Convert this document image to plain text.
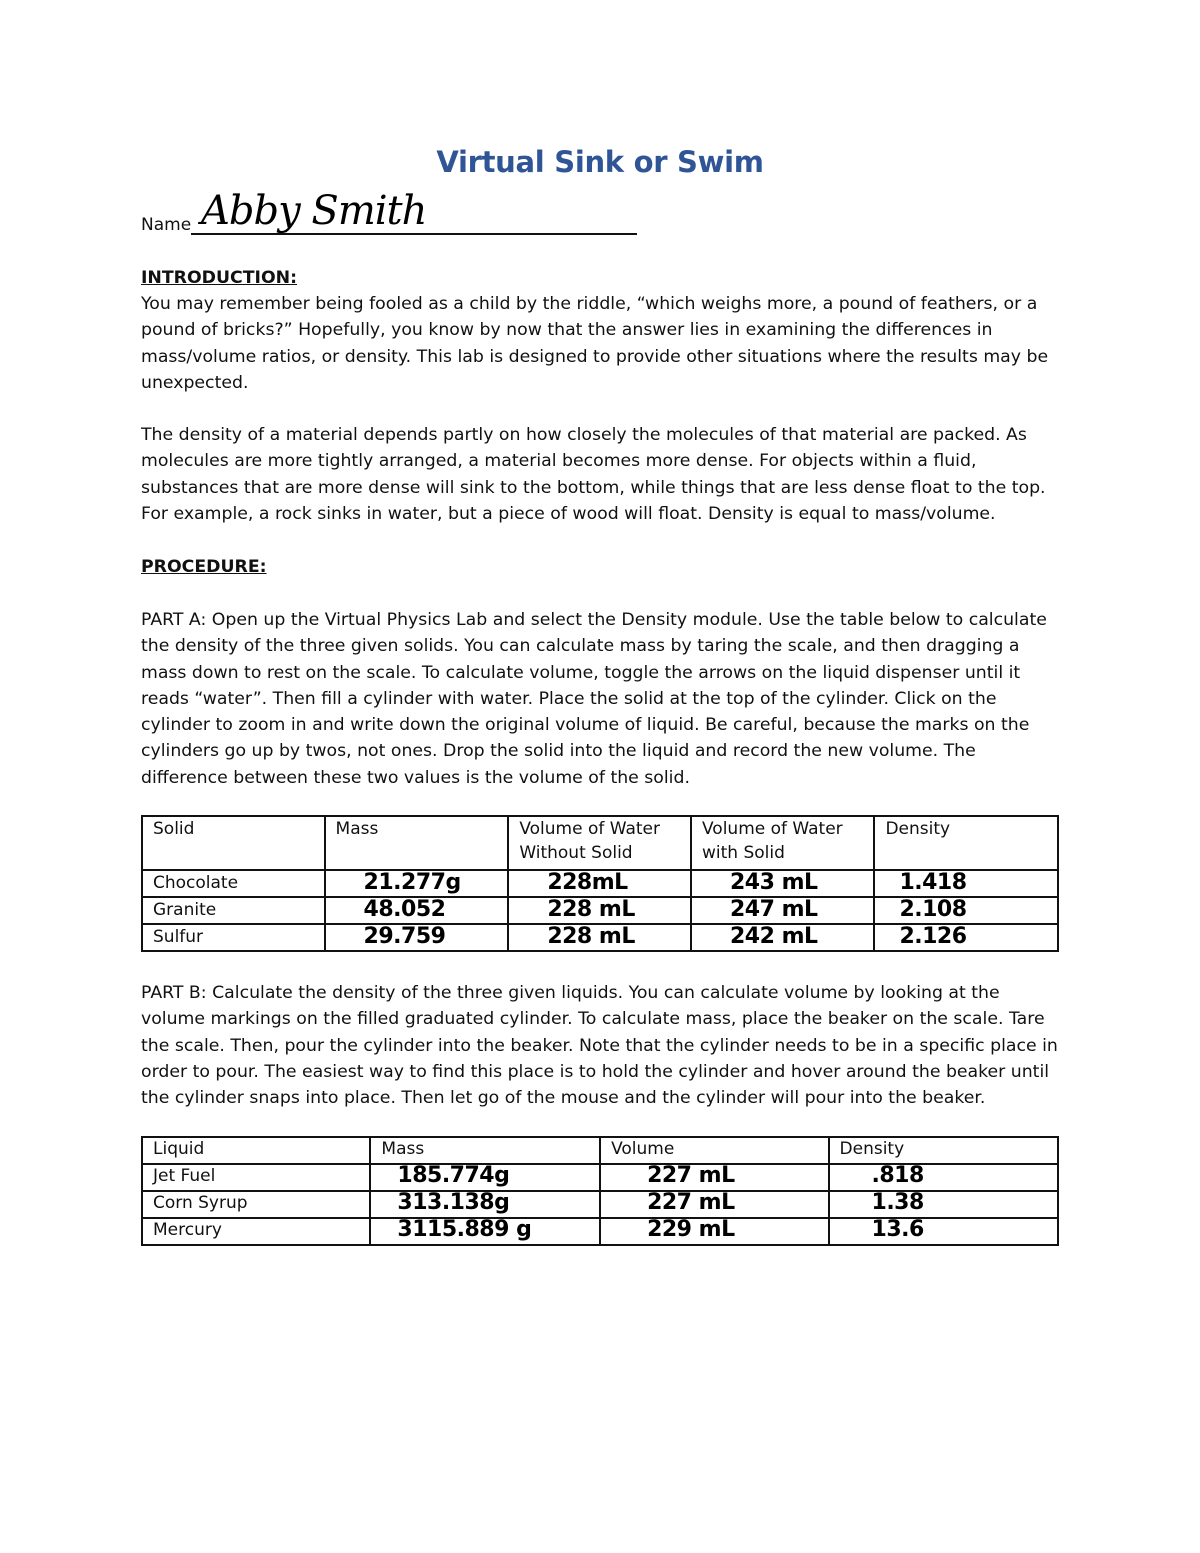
Virtual Sink or Swim
Name Abby Smith
INTRODUCTION:
You may remember being fooled as a child by the riddle, “which weighs more, a pound of feathers, or a pound of bricks?” Hopefully, you know by now that the answer lies in examining the differences in mass/volume ratios, or density. This lab is designed to provide other situations where the results may be unexpected.
The density of a material depends partly on how closely the molecules of that material are packed. As molecules are more tightly arranged, a material becomes more dense. For objects within a fluid, substances that are more dense will sink to the bottom, while things that are less dense float to the top. For example, a rock sinks in water, but a piece of wood will float. Density is equal to mass/volume.
PROCEDURE:
PART A: Open up the Virtual Physics Lab and select the Density module. Use the table below to calculate the density of the three given solids. You can calculate mass by taring the scale, and then dragging a mass down to rest on the scale. To calculate volume, toggle the arrows on the liquid dispenser until it reads “water”. Then fill a cylinder with water. Place the solid at the top of the cylinder. Click on the cylinder to zoom in and write down the original volume of liquid. Be careful, because the marks on the cylinders go up by twos, not ones. Drop the solid into the liquid and record the new volume. The difference between these two values is the volume of the solid.
Solid	Mass	Volume of Water Without Solid	Volume of Water with Solid	Density
Chocolate	21.277g	228mL	243 mL	1.418
Granite	48.052	228 mL	247 mL	2.108
Sulfur	29.759	228 mL	242 mL	2.126
PART B: Calculate the density of the three given liquids. You can calculate volume by looking at the volume markings on the filled graduated cylinder. To calculate mass, place the beaker on the scale. Tare the scale. Then, pour the cylinder into the beaker. Note that the cylinder needs to be in a specific place in order to pour. The easiest way to find this place is to hold the cylinder and hover around the beaker until the cylinder snaps into place. Then let go of the mouse and the cylinder will pour into the beaker.
Liquid	Mass	Volume	Density
Jet Fuel	185.774g	227 mL	.818
Corn Syrup	313.138g	227 mL	1.38
Mercury	3115.889 g	229 mL	13.6
